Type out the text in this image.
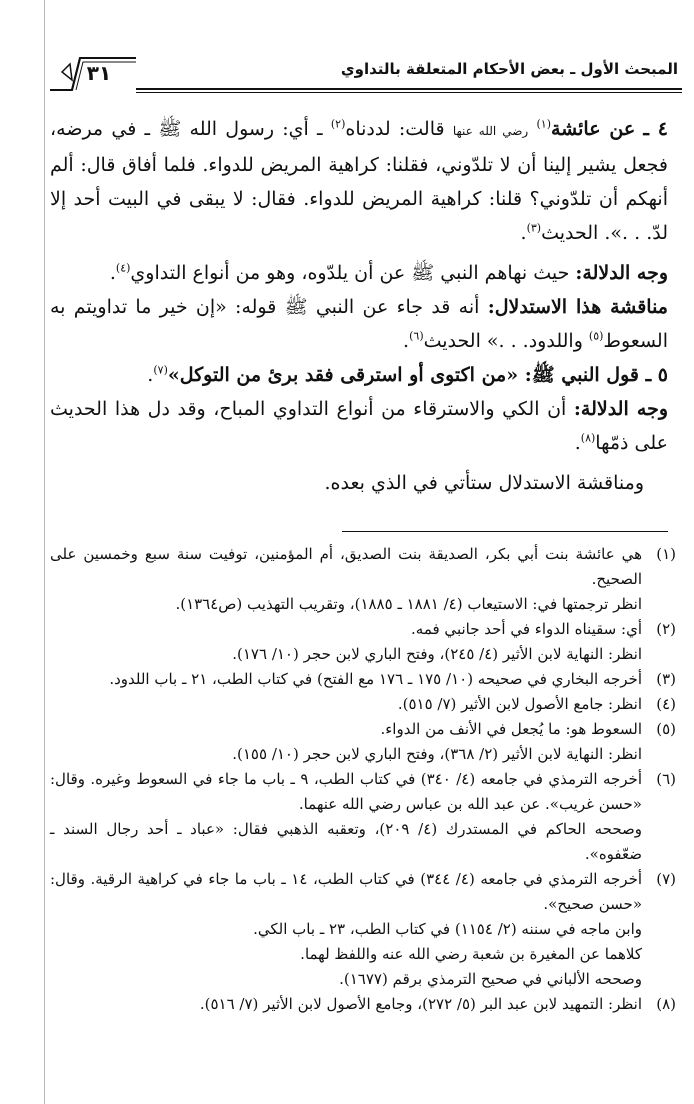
المبحث الأول ـ بعض الأحكام المتعلقة بالتداوي
٣١

٤ ـ عن عائشة$^{(١)}$ رضي الله عنها قالت: لددناه$^{(٢)}$ ـ أي: رسول الله ﷺ ـ في مرضه، فجعل يشير إلينا أن لا تلدّوني، فقلنا: كراهية المريض للدواء. فلما أفاق قال: ألم أنهكم أن تلدّوني؟ قلنا: كراهية المريض للدواء. فقال: لا يبقى في البيت أحد إلا لدّ. . .». الحديث$^{(٣)}$.

وجه الدلالة: حيث نهاهم النبي ﷺ عن أن يلدّوه، وهو من أنواع التداوي$^{(٤)}$.

مناقشة هذا الاستدلال: أنه قد جاء عن النبي ﷺ قوله: «إن خير ما تداويتم به السعوط$^{(٥)}$ واللدود. . .» الحديث$^{(٦)}$.

٥ ـ قول النبي ﷺ: «من اكتوى أو استرقى فقد برئ من التوكل»$^{(٧)}$.

وجه الدلالة: أن الكي والاسترقاء من أنواع التداوي المباح، وقد دل هذا الحديث على ذمّها$^{(٨)}$.

ومناقشة الاستدلال ستأتي في الذي بعده.

(١)
هي عائشة بنت أبي بكر، الصديقة بنت الصديق، أم المؤمنين، توفيت سنة سبع وخمسين على الصحيح.
انظر ترجمتها في: الاستيعاب (٤/ ١٨٨١ ـ ١٨٨٥)، وتقريب التهذيب (ص١٣٦٤).
(٢)
أي: سقيناه الدواء في أحد جانبي فمه.
انظر: النهاية لابن الأثير (٤/ ٢٤٥)، وفتح الباري لابن حجر (١٠/ ١٧٦).
(٣)
أخرجه البخاري في صحيحه (١٠/ ١٧٥ ـ ١٧٦ مع الفتح) في كتاب الطب، ٢١ ـ باب اللدود.
(٤)
انظر: جامع الأصول لابن الأثير (٧/ ٥١٥).
(٥)
السعوط هو: ما يُجعل في الأنف من الدواء.
انظر: النهاية لابن الأثير (٢/ ٣٦٨)، وفتح الباري لابن حجر (١٠/ ١٥٥).
(٦)
أخرجه الترمذي في جامعه (٤/ ٣٤٠) في كتاب الطب، ٩ ـ باب ما جاء في السعوط وغيره. وقال: «حسن غريب». عن عبد الله بن عباس رضي الله عنهما.
وصححه الحاكم في المستدرك (٤/ ٢٠٩)، وتعقبه الذهبي فقال: «عباد ـ أحد رجال السند ـ ضعّفوه».
(٧)
أخرجه الترمذي في جامعه (٤/ ٣٤٤) في كتاب الطب، ١٤ ـ باب ما جاء في كراهية الرقية. وقال: «حسن صحيح».
وابن ماجه في سننه (٢/ ١١٥٤) في كتاب الطب، ٢٣ ـ باب الكي.
كلاهما عن المغيرة بن شعبة رضي الله عنه واللفظ لهما.
وصححه الألباني في صحيح الترمذي برقم (١٦٧٧).
(٨)
انظر: التمهيد لابن عبد البر (٥/ ٢٧٢)، وجامع الأصول لابن الأثير (٧/ ٥١٦).
